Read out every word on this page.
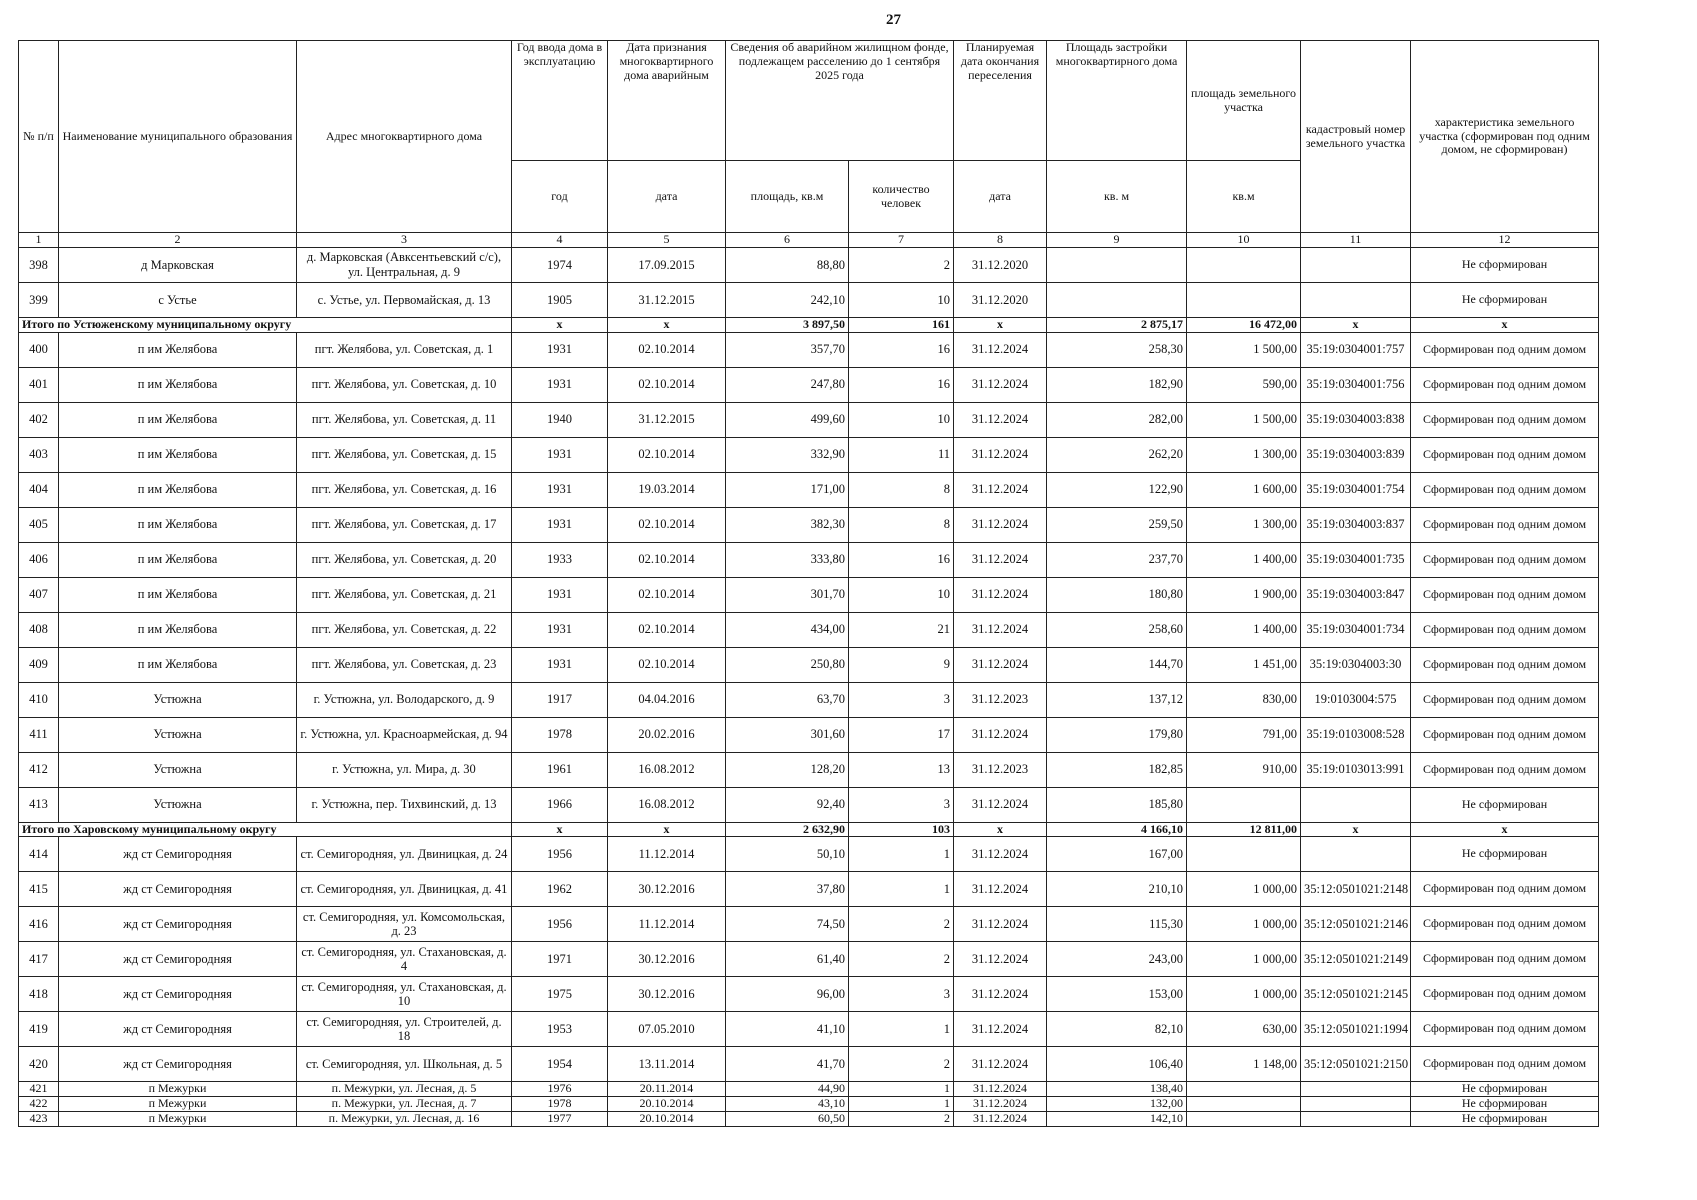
27
№ п/п	Наименование муниципального образования	Адрес многоквартирного дома	Год ввода дома в эксплуатацию	Дата признания многоквартирного дома аварийным	Сведения об аварийном жилищном фонде, подлежащем расселению до 1 сентября 2025 года		Планируемая дата окончания переселения	Площадь застройки многоквартирного дома	площадь земельного участка	кадастровый номер земельного участка	характеристика земельного участка (сформирован под одним домом, не сформирован)
			год	дата	площадь, кв.м	количество человек	дата	кв. м	кв.м		
1	2	3	4	5	6	7	8	9	10	11	12
398	д Марковская	д. Марковская (Авксентьевский с/с), ул. Центральная, д. 9	1974	17.09.2015	88,80	2	31.12.2020				Не сформирован
399	с Устье	с. Устье, ул. Первомайская, д. 13	1905	31.12.2015	242,10	10	31.12.2020				Не сформирован
Итого по Устюженскому муниципальному округу			x	x	3 897,50	161	x	2 875,17	16 472,00	x	x
400	п им Желябова	пгт. Желябова, ул. Советская, д. 1	1931	02.10.2014	357,70	16	31.12.2024	258,30	1 500,00	35:19:0304001:757	Сформирован под одним домом
401	п им Желябова	пгт. Желябова, ул. Советская, д. 10	1931	02.10.2014	247,80	16	31.12.2024	182,90	590,00	35:19:0304001:756	Сформирован под одним домом
402	п им Желябова	пгт. Желябова, ул. Советская, д. 11	1940	31.12.2015	499,60	10	31.12.2024	282,00	1 500,00	35:19:0304003:838	Сформирован под одним домом
403	п им Желябова	пгт. Желябова, ул. Советская, д. 15	1931	02.10.2014	332,90	11	31.12.2024	262,20	1 300,00	35:19:0304003:839	Сформирован под одним домом
404	п им Желябова	пгт. Желябова, ул. Советская, д. 16	1931	19.03.2014	171,00	8	31.12.2024	122,90	1 600,00	35:19:0304001:754	Сформирован под одним домом
405	п им Желябова	пгт. Желябова, ул. Советская, д. 17	1931	02.10.2014	382,30	8	31.12.2024	259,50	1 300,00	35:19:0304003:837	Сформирован под одним домом
406	п им Желябова	пгт. Желябова, ул. Советская, д. 20	1933	02.10.2014	333,80	16	31.12.2024	237,70	1 400,00	35:19:0304001:735	Сформирован под одним домом
407	п им Желябова	пгт. Желябова, ул. Советская, д. 21	1931	02.10.2014	301,70	10	31.12.2024	180,80	1 900,00	35:19:0304003:847	Сформирован под одним домом
408	п им Желябова	пгт. Желябова, ул. Советская, д. 22	1931	02.10.2014	434,00	21	31.12.2024	258,60	1 400,00	35:19:0304001:734	Сформирован под одним домом
409	п им Желябова	пгт. Желябова, ул. Советская, д. 23	1931	02.10.2014	250,80	9	31.12.2024	144,70	1 451,00	35:19:0304003:30	Сформирован под одним домом
410	Устюжна	г. Устюжна, ул. Володарского, д. 9	1917	04.04.2016	63,70	3	31.12.2023	137,12	830,00	19:0103004:575	Сформирован под одним домом
411	Устюжна	г. Устюжна, ул. Красноармейская, д. 94	1978	20.02.2016	301,60	17	31.12.2024	179,80	791,00	35:19:0103008:528	Сформирован под одним домом
412	Устюжна	г. Устюжна, ул. Мира, д. 30	1961	16.08.2012	128,20	13	31.12.2023	182,85	910,00	35:19:0103013:991	Сформирован под одним домом
413	Устюжна	г. Устюжна, пер. Тихвинский, д. 13	1966	16.08.2012	92,40	3	31.12.2024	185,80			Не сформирован
Итого по Харовскому муниципальному округу			x	x	2 632,90	103	x	4 166,10	12 811,00	x	x
414	жд ст Семигородняя	ст. Семигородняя, ул. Двиницкая, д. 24	1956	11.12.2014	50,10	1	31.12.2024	167,00			Не сформирован
415	жд ст Семигородняя	ст. Семигородняя, ул. Двиницкая, д. 41	1962	30.12.2016	37,80	1	31.12.2024	210,10	1 000,00	35:12:0501021:2148	Сформирован под одним домом
416	жд ст Семигородняя	ст. Семигородняя, ул. Комсомольская, д. 23	1956	11.12.2014	74,50	2	31.12.2024	115,30	1 000,00	35:12:0501021:2146	Сформирован под одним домом
417	жд ст Семигородняя	ст. Семигородняя, ул. Стахановская, д. 4	1971	30.12.2016	61,40	2	31.12.2024	243,00	1 000,00	35:12:0501021:2149	Сформирован под одним домом
418	жд ст Семигородняя	ст. Семигородняя, ул. Стахановская, д. 10	1975	30.12.2016	96,00	3	31.12.2024	153,00	1 000,00	35:12:0501021:2145	Сформирован под одним домом
419	жд ст Семигородняя	ст. Семигородняя, ул. Строителей, д. 18	1953	07.05.2010	41,10	1	31.12.2024	82,10	630,00	35:12:0501021:1994	Сформирован под одним домом
420	жд ст Семигородняя	ст. Семигородняя, ул. Школьная, д. 5	1954	13.11.2014	41,70	2	31.12.2024	106,40	1 148,00	35:12:0501021:2150	Сформирован под одним домом
421	п Межурки	п. Межурки, ул. Лесная, д. 5	1976	20.11.2014	44,90	1	31.12.2024	138,40			Не сформирован
422	п Межурки	п. Межурки, ул. Лесная, д. 7	1978	20.10.2014	43,10	1	31.12.2024	132,00			Не сформирован
423	п Межурки	п. Межурки, ул. Лесная, д. 16	1977	20.10.2014	60,50	2	31.12.2024	142,10			Не сформирован
